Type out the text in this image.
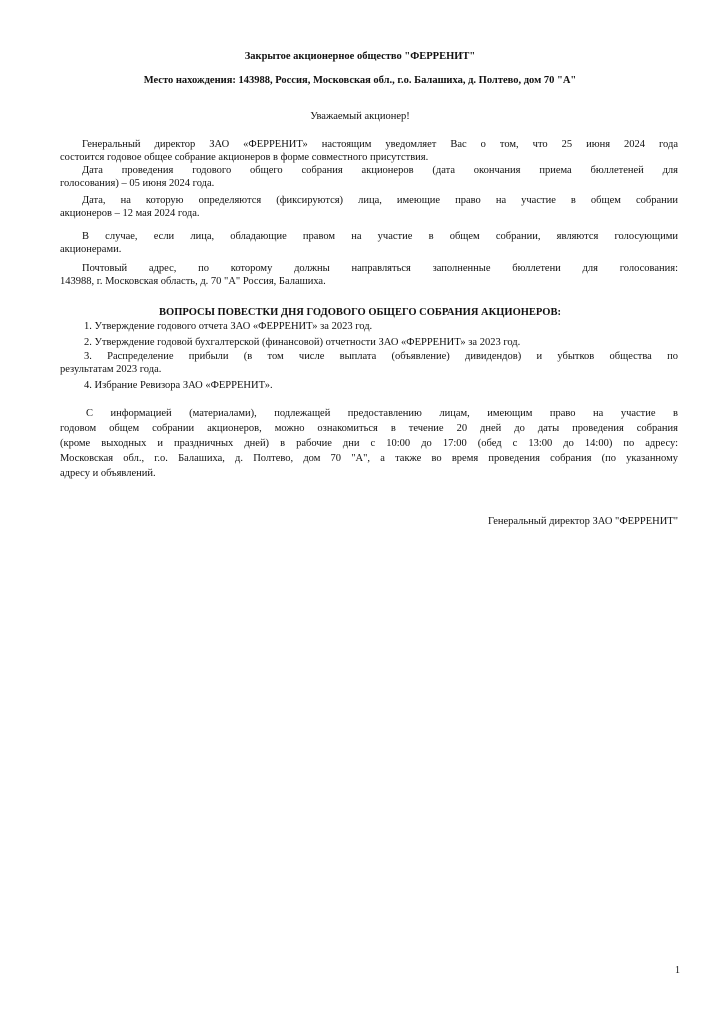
Закрытое акционерное общество "ФЕРРЕНИТ"
Место нахождения: 143988, Россия, Московская обл., г.о. Балашиха, д. Полтево, дом 70 "А"
Уважаемый акционер!
Генеральный директор ЗАО «ФЕРРЕНИТ» настоящим уведомляет Вас о том, что 25 июня 2024 года
состоится годовое общее собрание акционеров в форме совместного присутствия.
Дата проведения годового общего собрания акционеров (дата окончания приема бюллетеней для
голосования) – 05 июня 2024 года.
Дата, на которую определяются (фиксируются) лица, имеющие право на участие в общем собрании
акционеров – 12 мая 2024 года.
В случае, если лица, обладающие правом на участие в общем собрании, являются голосующими
акционерами.
Почтовый адрес, по которому должны направляться заполненные бюллетени для голосования:
143988, г. Московская область, д. 70 "А" Россия, Балашиха.
ВОПРОСЫ ПОВЕСТКИ ДНЯ ГОДОВОГО ОБЩЕГО СОБРАНИЯ АКЦИОНЕРОВ:
1. Утверждение годового отчета ЗАО «ФЕРРЕНИТ» за 2023 год.
2. Утверждение годовой бухгалтерской (финансовой) отчетности ЗАО «ФЕРРЕНИТ» за 2023 год.
3. Распределение прибыли (в том числе выплата (объявление) дивидендов) и убытков общества по
результатам 2023 года.
4. Избрание Ревизора ЗАО «ФЕРРЕНИТ».
С информацией (материалами), подлежащей предоставлению лицам, имеющим право на участие в
годовом общем собрании акционеров, можно ознакомиться в течение 20 дней до даты проведения собрания
(кроме выходных и праздничных дней) в рабочие дни с 10:00 до 17:00 (обед с 13:00 до 14:00) по адресу:
Московская обл., г.о. Балашиха, д. Полтево, дом 70 "А", а также во время проведения собрания (по указанному
адресу и объявлений.
Генеральный директор ЗАО "ФЕРРЕНИТ"
1
